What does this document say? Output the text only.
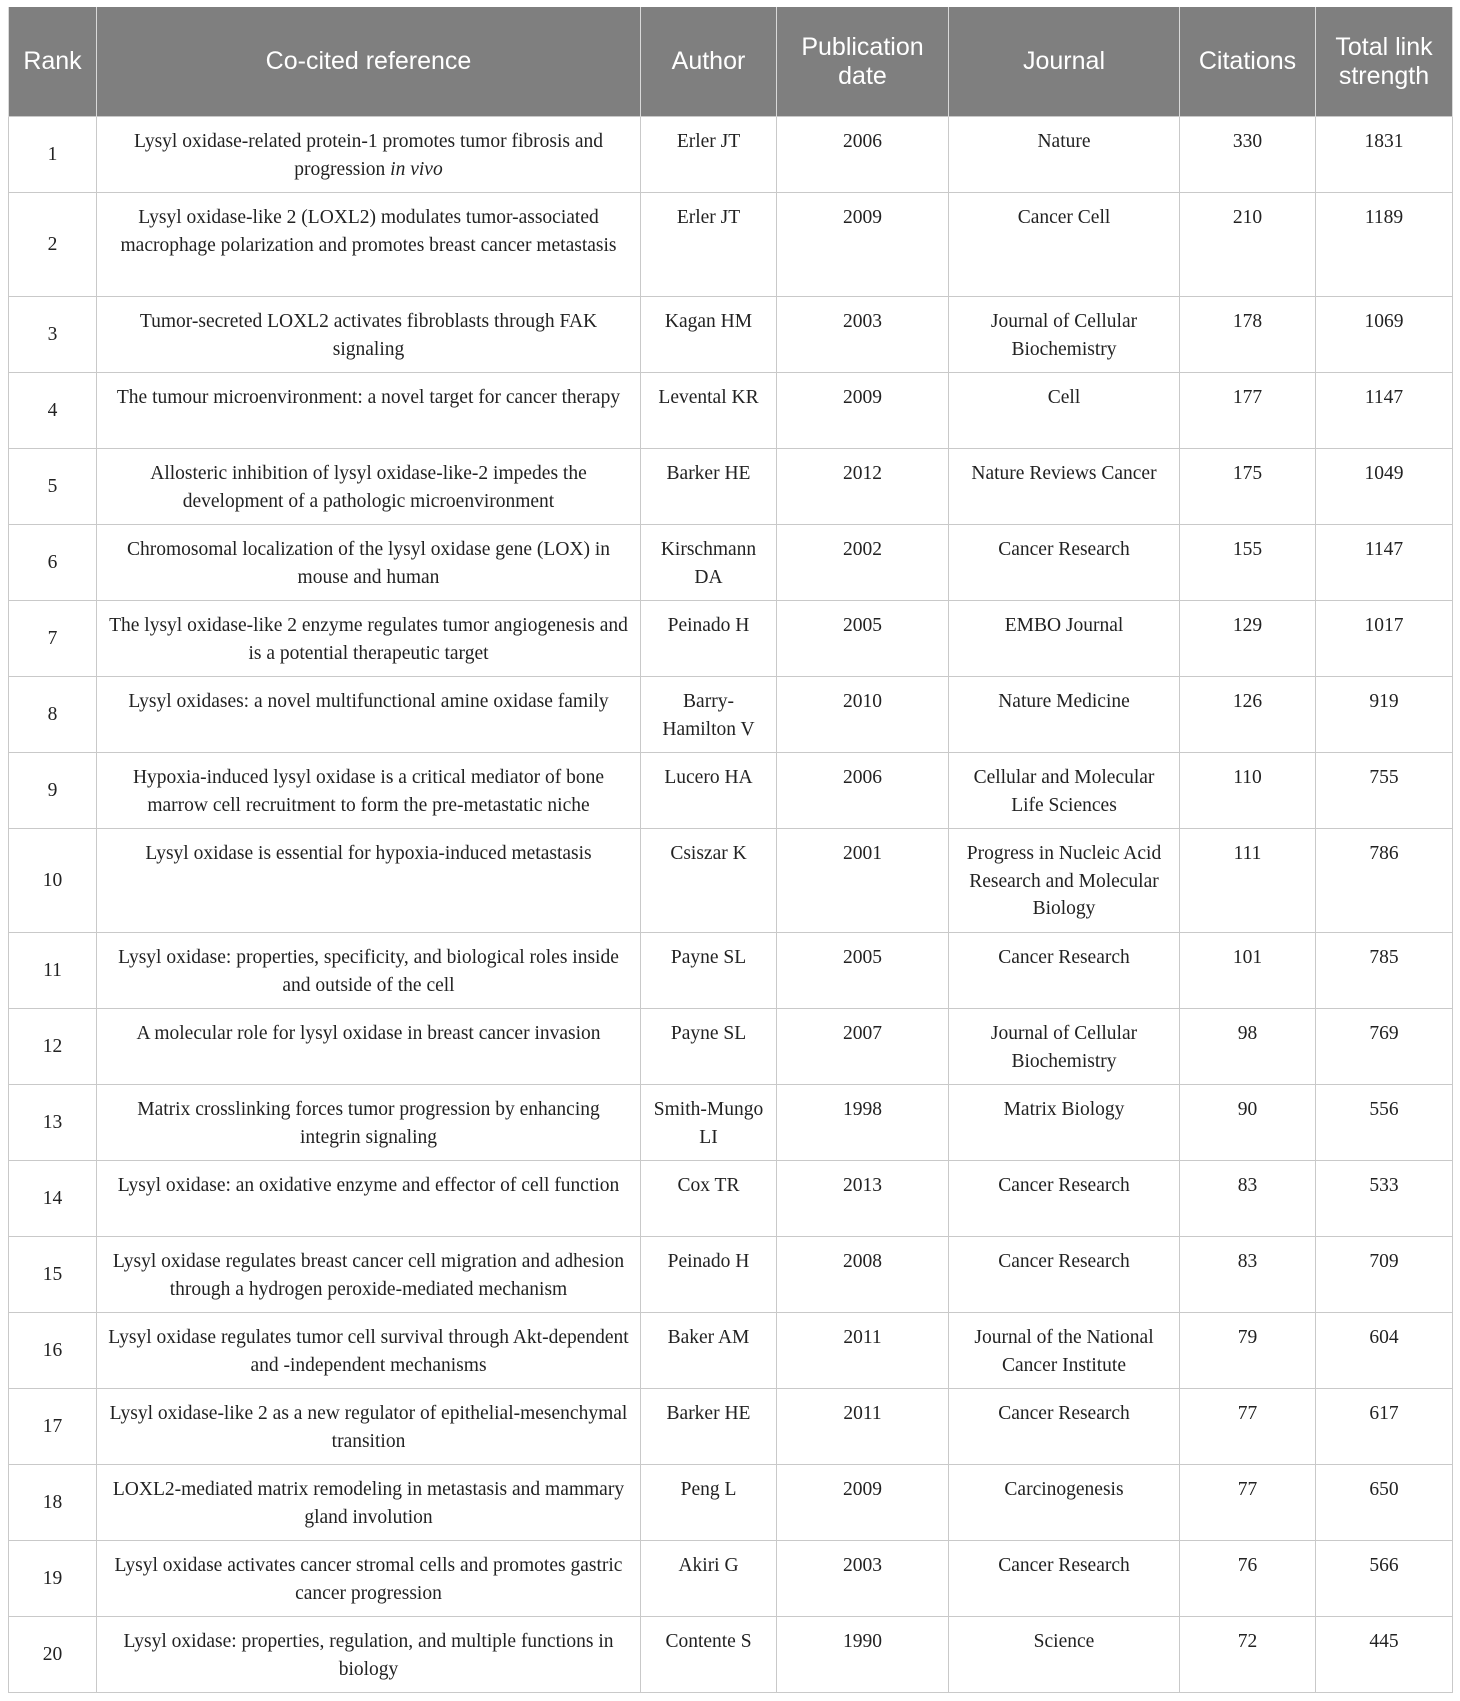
Rank	Co-cited reference	Author	Publication date	Journal	Citations	Total link strength
1	Lysyl oxidase-related protein-1 promotes tumor fibrosis and progression in vivo	Erler JT	2006	Nature	330	1831
2	Lysyl oxidase-like 2 (LOXL2) modulates tumor-associated macrophage polarization and promotes breast cancer metastasis	Erler JT	2009	Cancer Cell	210	1189
3	Tumor-secreted LOXL2 activates fibroblasts through FAK signaling	Kagan HM	2003	Journal of Cellular Biochemistry	178	1069
4	The tumour microenvironment: a novel target for cancer therapy	Levental KR	2009	Cell	177	1147
5	Allosteric inhibition of lysyl oxidase-like-2 impedes the development of a pathologic microenvironment	Barker HE	2012	Nature Reviews Cancer	175	1049
6	Chromosomal localization of the lysyl oxidase gene (LOX) in mouse and human	Kirschmann DA	2002	Cancer Research	155	1147
7	The lysyl oxidase-like 2 enzyme regulates tumor angiogenesis and is a potential therapeutic target	Peinado H	2005	EMBO Journal	129	1017
8	Lysyl oxidases: a novel multifunctional amine oxidase family	Barry-Hamilton V	2010	Nature Medicine	126	919
9	Hypoxia-induced lysyl oxidase is a critical mediator of bone marrow cell recruitment to form the pre-metastatic niche	Lucero HA	2006	Cellular and Molecular Life Sciences	110	755
10	Lysyl oxidase is essential for hypoxia-induced metastasis	Csiszar K	2001	Progress in Nucleic Acid Research and Molecular Biology	111	786
11	Lysyl oxidase: properties, specificity, and biological roles inside and outside of the cell	Payne SL	2005	Cancer Research	101	785
12	A molecular role for lysyl oxidase in breast cancer invasion	Payne SL	2007	Journal of Cellular Biochemistry	98	769
13	Matrix crosslinking forces tumor progression by enhancing integrin signaling	Smith-Mungo LI	1998	Matrix Biology	90	556
14	Lysyl oxidase: an oxidative enzyme and effector of cell function	Cox TR	2013	Cancer Research	83	533
15	Lysyl oxidase regulates breast cancer cell migration and adhesion through a hydrogen peroxide-mediated mechanism	Peinado H	2008	Cancer Research	83	709
16	Lysyl oxidase regulates tumor cell survival through Akt-dependent and -independent mechanisms	Baker AM	2011	Journal of the National Cancer Institute	79	604
17	Lysyl oxidase-like 2 as a new regulator of epithelial-mesenchymal transition	Barker HE	2011	Cancer Research	77	617
18	LOXL2-mediated matrix remodeling in metastasis and mammary gland involution	Peng L	2009	Carcinogenesis	77	650
19	Lysyl oxidase activates cancer stromal cells and promotes gastric cancer progression	Akiri G	2003	Cancer Research	76	566
20	Lysyl oxidase: properties, regulation, and multiple functions in biology	Contente S	1990	Science	72	445
